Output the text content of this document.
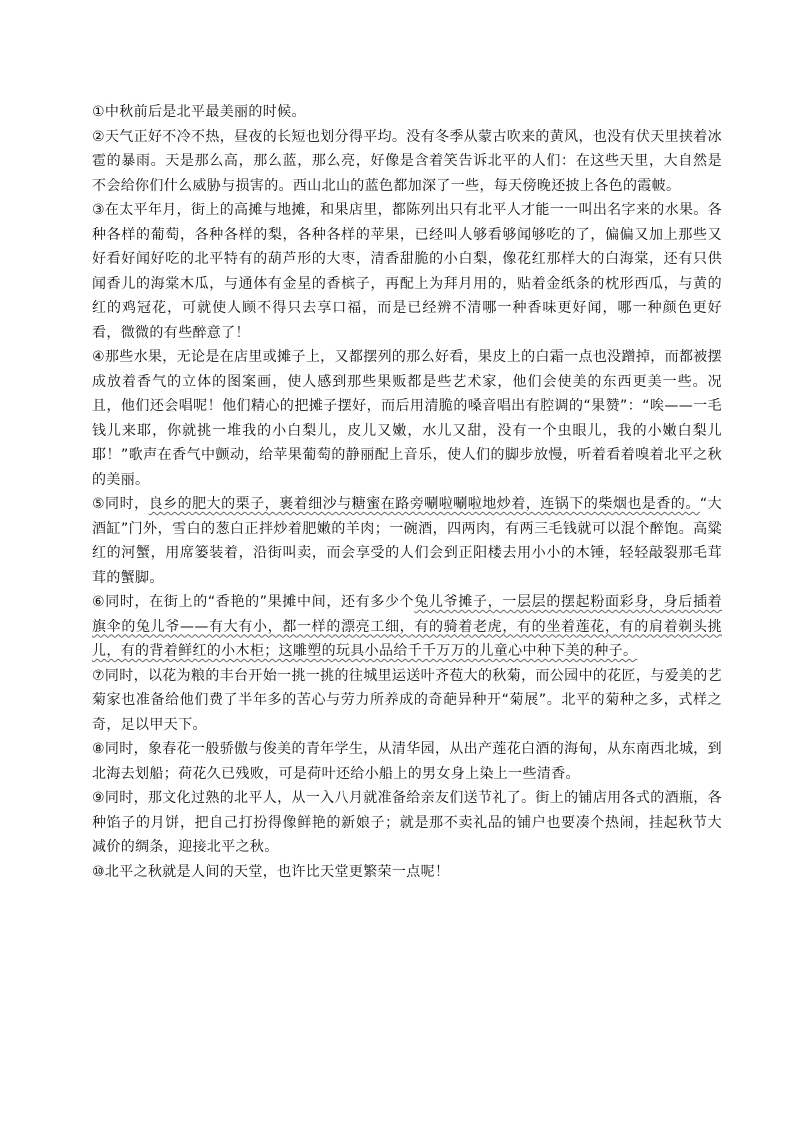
①中秋前后是北平最美丽的时候。

②天气正好不冷不热，昼夜的长短也划分得平均。没有冬季从蒙古吹来的黄风，也没有伏天里挟着冰雹的暴雨。天是那么高，那么蓝，那么亮，好像是含着笑告诉北平的人们：在这些天里，大自然是不会给你们什么威胁与损害的。西山北山的蓝色都加深了一些，每天傍晚还披上各色的霞帔。

③在太平年月，街上的高摊与地摊，和果店里，都陈列出只有北平人才能一一叫出名字来的水果。各种各样的葡萄，各种各样的梨，各种各样的苹果，已经叫人够看够闻够吃的了，偏偏又加上那些又好看好闻好吃的北平特有的葫芦形的大枣，清香甜脆的小白梨，像花红那样大的白海棠，还有只供闻香儿的海棠木瓜，与通体有金星的香槟子，再配上为拜月用的，贴着金纸条的枕形西瓜，与黄的红的鸡冠花，可就使人顾不得只去享口福，而是已经辨不清哪一种香味更好闻，哪一种颜色更好看，微微的有些醉意了！

④那些水果，无论是在店里或摊子上，又都摆列的那么好看，果皮上的白霜一点也没蹭掉，而都被摆成放着香气的立体的图案画，使人感到那些果贩都是些艺术家，他们会使美的东西更美一些。况且，他们还会唱呢！他们精心的把摊子摆好，而后用清脆的嗓音唱出有腔调的“果赞”：“唉——一毛钱儿来耶，你就挑一堆我的小白梨儿，皮儿又嫩，水儿又甜，没有一个虫眼儿，我的小嫩白梨儿耶！”歌声在香气中颤动，给苹果葡萄的静丽配上音乐，使人们的脚步放慢，听着看着嗅着北平之秋的美丽。

⑤同时，良乡的肥大的栗子，裹着细沙与糖蜜在路旁唰啦唰啦地炒着，连锅下的柴烟也是香的。“大酒缸”门外，雪白的葱白正拌炒着肥嫩的羊肉；一碗酒，四两肉，有两三毛钱就可以混个醉饱。高粱红的河蟹，用席篓装着，沿街叫卖，而会享受的人们会到正阳楼去用小小的木锤，轻轻敲裂那毛茸茸的蟹脚。

⑥同时，在街上的“香艳的”果摊中间，还有多少个兔儿爷摊子，一层层的摆起粉面彩身，身后插着旗伞的兔儿爷——有大有小，都一样的漂亮工细，有的骑着老虎，有的坐着莲花，有的肩着剃头挑儿，有的背着鲜红的小木柜；这雕塑的玩具小品给千千万万的儿童心中种下美的种子。

⑦同时，以花为粮的丰台开始一挑一挑的往城里运送叶齐苞大的秋菊，而公园中的花匠，与爱美的艺菊家也准备给他们费了半年多的苦心与劳力所养成的奇葩异种开“菊展”。北平的菊种之多，式样之奇，足以甲天下。

⑧同时，象春花一般骄傲与俊美的青年学生，从清华园，从出产莲花白酒的海甸，从东南西北城，到北海去划船；荷花久已残败，可是荷叶还给小船上的男女身上染上一些清香。

⑨同时，那文化过熟的北平人，从一入八月就准备给亲友们送节礼了。街上的铺店用各式的酒瓶，各种馅子的月饼，把自己打扮得像鲜艳的新娘子；就是那不卖礼品的铺户也要凑个热闹，挂起秋节大减价的绸条，迎接北平之秋。

⑩北平之秋就是人间的天堂，也许比天堂更繁荣一点呢！
